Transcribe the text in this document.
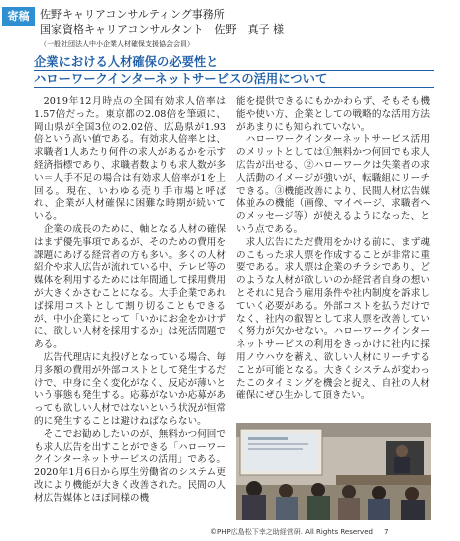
寄稿 佐野キャリアコンサルティング事務所
国家資格キャリアコンサルタント　佐野　真子 様
（一般社団法人中小企業人材確保支援協会会員）
企業における人材確保の必要性と
ハローワークインターネットサービスの活用について

2019年12月時点の全国有効求人倍率は1.57倍だった。東京都の2.08倍を筆頭に、岡山県が全国3位の2.02倍、広島県が1.93倍という高い値である。有効求人倍率とは、求職者1人あたり何件の求人があるかを示す経済指標であり、求職者数よりも求人数が多い＝人手不足の場合は有効求人倍率が1を上回る。現在、いわゆる売り手市場と呼ばれ、企業が人材確保に困難な時期が続いている。

企業の成長のために、軸となる人材の確保はまず優先事項であるが、そのための費用を課題にあげる経営者の方も多い。多くの人材紹介や求人広告が流れている中、テレビ等の媒体を利用するためには年間通して採用費用が大きくかさむことになる。大手企業であれば採用コストとして割り切ることもできるが、中小企業にとって「いかにお金をかけずに、欲しい人材を採用するか」は死活問題である。

広告代理店に丸投げとなっている場合、毎月多額の費用が外部コストとして発生するだけで、中身に全く変化がなく、反応が薄いという事態も発生する。応募がないか応募があっても欲しい人材ではないという状況が恒常的に発生することは避けねばならない。

そこでお勧めしたいのが、無料かつ何回でも求人広告を出すことができる「ハローワークインターネットサービスの活用」である。2020年1月6日から厚生労働省のシステム更改により機能が大きく改善された。民間の人材広告媒体とほぼ同様の機

能を提供できるにもかかわらず、そもそも機能や使い方、企業としての戦略的な活用方法があまりにも知られていない。

ハローワークインターネットサービス活用のメリットとしては①無料かつ何回でも求人広告が出せる、②ハローワークは失業者の求人活動のイメージが強いが、転職組にリーチできる。③機能改善により、民間人材広告媒体並みの機能（画像、マイページ、求職者へのメッセージ等）が使えるようになった、という点である。

求人広告にただ費用をかける前に、まず魂のこもった求人票を作成することが非常に重要である。求人票は企業のチラシであり、どのような人材が欲しいのか経営者自身の想いとそれに見合う雇用条件や社内制度を訴求していく必要がある。外部コストを払うだけでなく、社内の叡智として求人票を改善していく努力が欠かせない。ハローワークインターネットサービスの利用をきっかけに社内に採用ノウハウを蓄え、欲しい人材にリーチすることが可能となる。大きくシステムが変わったこのタイミングを機会と捉え、自社の人材確保にぜひ生かして頂きたい。

©PHP広島松下幸之助経営研. All Rights Reserved 7
